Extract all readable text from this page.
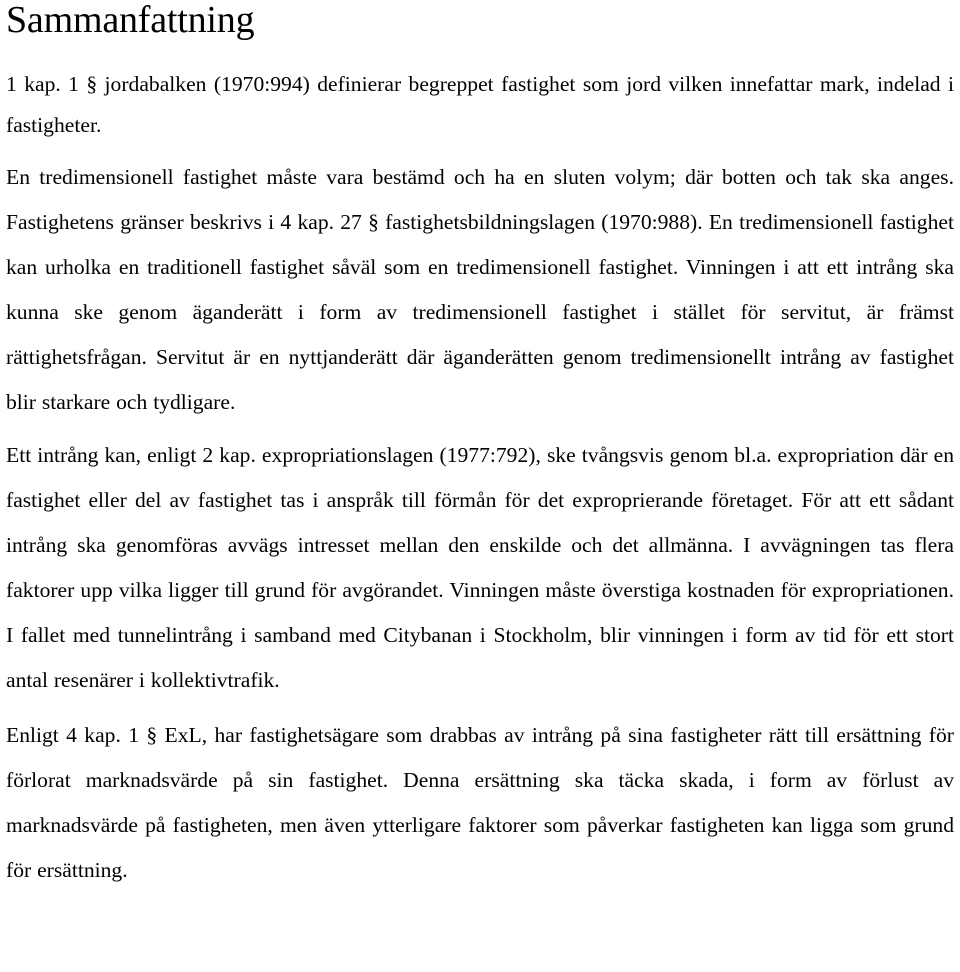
Sammanfattning

1 kap. 1 § jordabalken (1970:994) definierar begreppet fastighet som jord vilken innefattar mark, indelad i fastigheter.

En tredimensionell fastighet måste vara bestämd och ha en sluten volym; där botten och tak ska anges. Fastighetens gränser beskrivs i 4 kap. 27 § fastighetsbildningslagen (1970:988). En tredimensionell fastighet kan urholka en traditionell fastighet såväl som en tredimensionell fastighet. Vinningen i att ett intrång ska kunna ske genom äganderätt i form av tredimensionell fastighet i stället för servitut, är främst rättighetsfrågan. Servitut är en nyttjanderätt där äganderätten genom tredimensionellt intrång av fastighet blir starkare och tydligare.

Ett intrång kan, enligt 2 kap. expropriationslagen (1977:792), ske tvångsvis genom bl.a. expropriation där en fastighet eller del av fastighet tas i anspråk till förmån för det exproprierande företaget. För att ett sådant intrång ska genomföras avvägs intresset mellan den enskilde och det allmänna. I avvägningen tas flera faktorer upp vilka ligger till grund för avgörandet. Vinningen måste överstiga kostnaden för expropriationen. I fallet med tunnelintrång i samband med Citybanan i Stockholm, blir vinningen i form av tid för ett stort antal resenärer i kollektivtrafik.

Enligt 4 kap. 1 § ExL, har fastighetsägare som drabbas av intrång på sina fastigheter rätt till ersättning för förlorat marknadsvärde på sin fastighet. Denna ersättning ska täcka skada, i form av förlust av marknadsvärde på fastigheten, men även ytterligare faktorer som påverkar fastigheten kan ligga som grund för ersättning.
